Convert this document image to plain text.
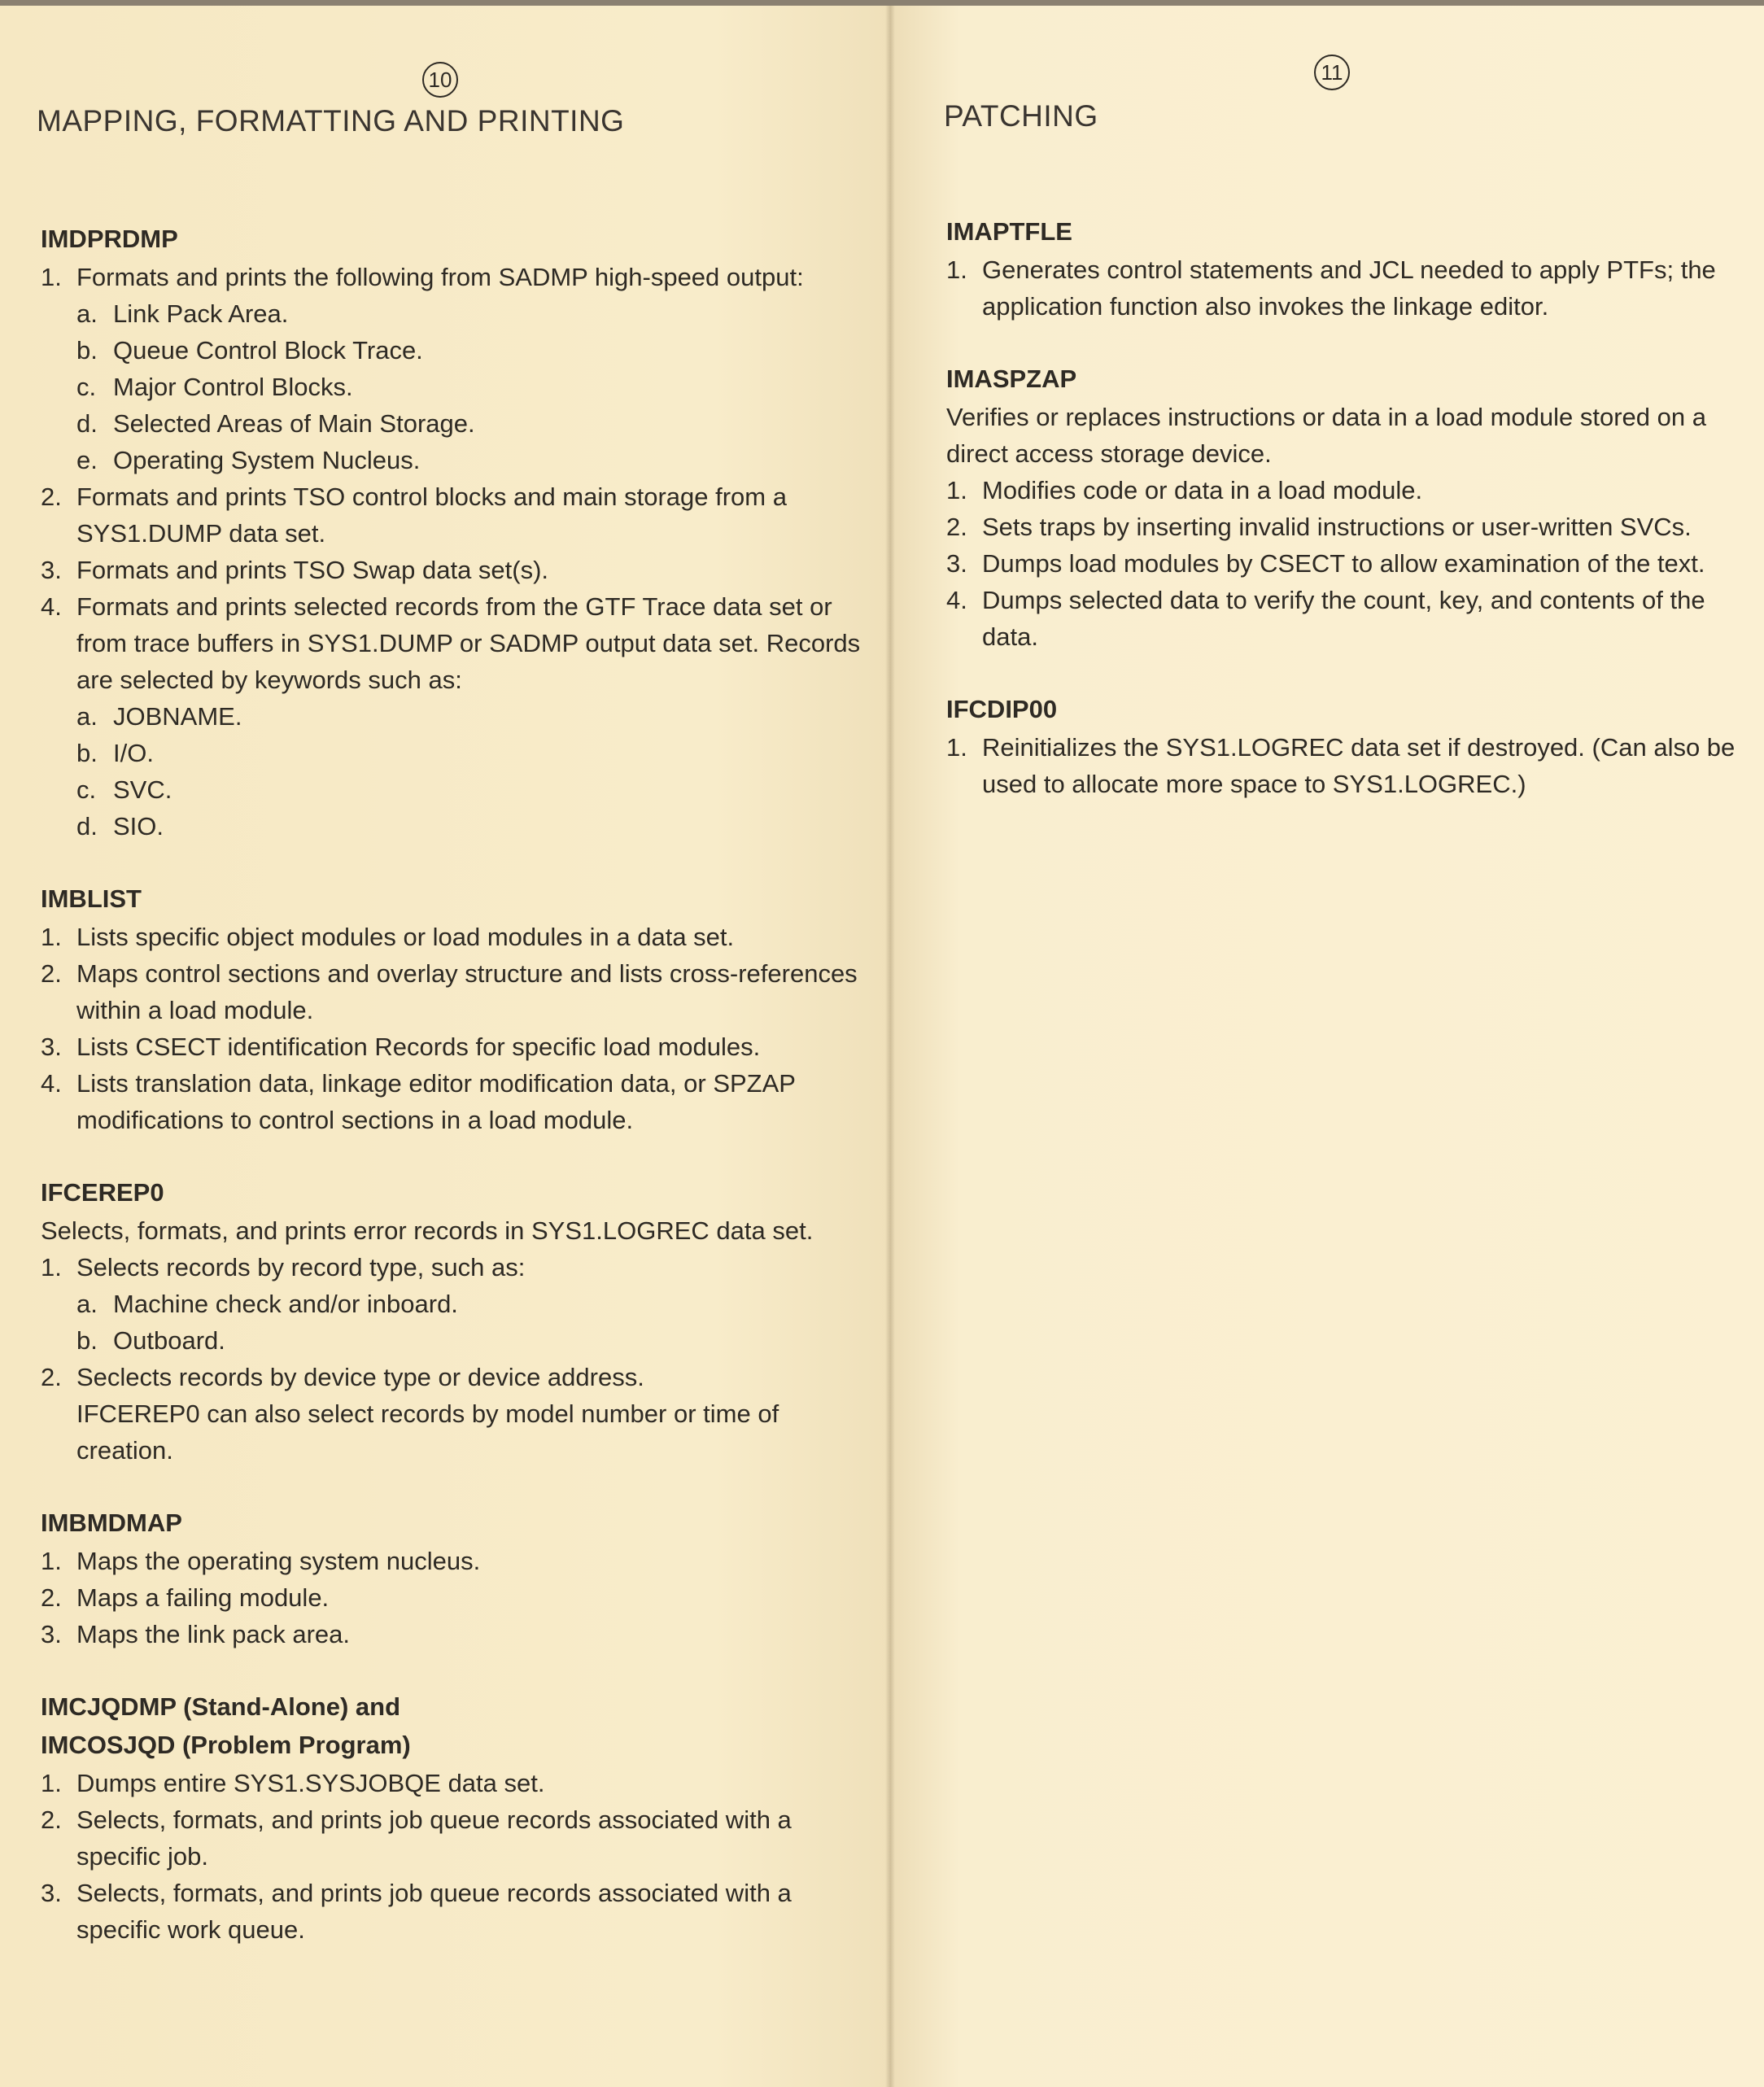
10
MAPPING, FORMATTING AND PRINTING
IMDPRDMP
1. Formats and prints the following from SADMP high-speed output:
a. Link Pack Area.
b. Queue Control Block Trace.
c. Major Control Blocks.
d. Selected Areas of Main Storage.
e. Operating System Nucleus.
2. Formats and prints TSO control blocks and main storage from a SYS1.DUMP data set.
3. Formats and prints TSO Swap data set(s).
4. Formats and prints selected records from the GTF Trace data set or from trace buffers in SYS1.DUMP or SADMP output data set. Records are selected by keywords such as:
a. JOBNAME.
b. I/O.
c. SVC.
d. SIO.
IMBLIST
1. Lists specific object modules or load modules in a data set.
2. Maps control sections and overlay structure and lists cross-references within a load module.
3. Lists CSECT identification Records for specific load modules.
4. Lists translation data, linkage editor modification data, or SPZAP modifications to control sections in a load module.
IFCEREP0
Selects, formats, and prints error records in SYS1.LOGREC data set.
1. Selects records by record type, such as:
a. Machine check and/or inboard.
b. Outboard.
2. Seclects records by device type or device address.
IFCEREP0 can also select records by model number or time of creation.
IMBMDMAP
1. Maps the operating system nucleus.
2. Maps a failing module.
3. Maps the link pack area.
IMCJQDMP (Stand-Alone) and
IMCOSJQD (Problem Program)
1. Dumps entire SYS1.SYSJOBQE data set.
2. Selects, formats, and prints job queue records associated with a specific job.
3. Selects, formats, and prints job queue records associated with a specific work queue.
11
PATCHING
IMAPTFLE
1. Generates control statements and JCL needed to apply PTFs; the application function also invokes the linkage editor.
IMASPZAP
Verifies or replaces instructions or data in a load module stored on a direct access storage device.
1. Modifies code or data in a load module.
2. Sets traps by inserting invalid instructions or user-written SVCs.
3. Dumps load modules by CSECT to allow examination of the text.
4. Dumps selected data to verify the count, key, and contents of the data.
IFCDIP00
1. Reinitializes the SYS1.LOGREC data set if destroyed. (Can also be used to allocate more space to SYS1.LOGREC.)
